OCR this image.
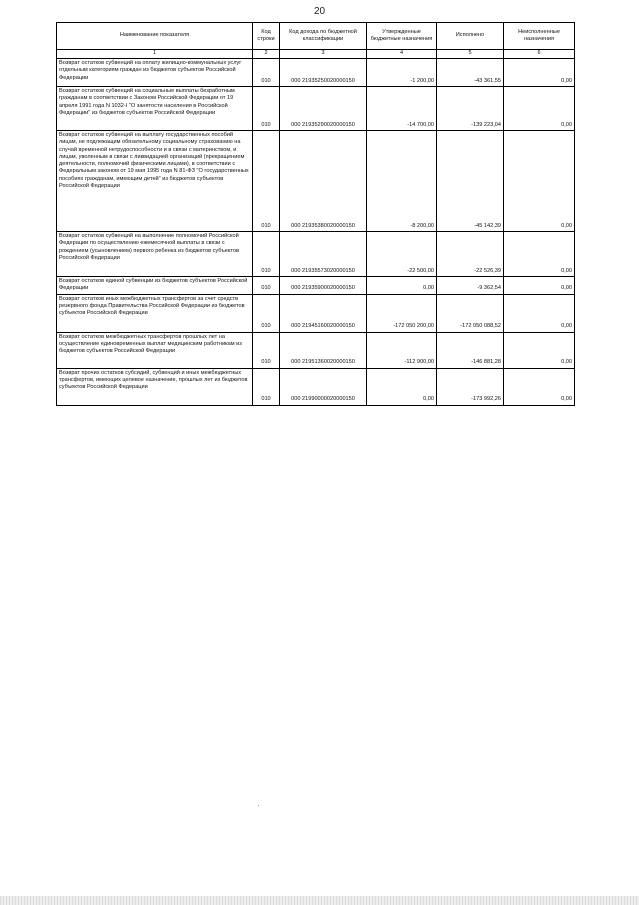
20
Наименование показателя	Код строки	Код дохода по бюджетной классификации	Утвержденные бюджетные назначения	Исполнено	Неисполненные назначения
1	2	3	4	5	6
Возврат остатков субвенций на оплату жилищно-коммунальных услуг отдельным категориям граждан из бюджетов субъектов Российской Федерации	010	000 21935250020000150	-1 200,00	-43 361,55	0,00
Возврат остатков субвенций на социальные выплаты безработным гражданам в соответствии с Законом Российской Федерации от 19 апреля 1991 года N 1032-I "О занятости населения в Российской Федерации" из бюджетов субъектов Российской Федерации	010	000 21935290020000150	-14 700,00	-139 223,04	0,00
Возврат остатков субвенций на выплату государственных пособий лицам, не подлежащим обязательному социальному страхованию на случай временной нетрудоспособности и в связи с материнством, и лицам, уволенным в связи с ликвидацией организаций (прекращением деятельности, полномочий физическими лицами), в соответствии с Федеральным законом от 19 мая 1995 года N 81-ФЗ "О государственных пособиях гражданам, имеющим детей" из бюджетов субъектов Российской Федерации	010	000 21935380020000150	-8 200,00	-45 142,39	0,00
Возврат остатков субвенций на выполнение полномочий Российской Федерации по осуществлению ежемесячной выплаты в связи с рождением (усыновлением) первого ребенка из бюджетов субъектов Российской Федерации	010	000 21935573020000150	-22 500,00	-22 526,39	0,00
Возврат остатков единой субвенции из бюджетов субъектов Российской Федерации	010	000 21935900020000150	0,00	-9 362,54	0,00
Возврат остатков иных межбюджетных трансфертов за счет средств резервного фонда Правительства Российской Федерации из бюджетов субъектов Российской Федерации	010	000 21945160020000150	-172 050 200,00	-172 050 088,52	0,00
Возврат остатков межбюджетных трансфертов прошлых лет на осуществление единовременных выплат медицинским работникам из бюджетов субъектов Российской Федерации	010	000 21951360020000150	-112 900,00	-146 881,28	0,00
Возврат прочих остатков субсидий, субвенций и иных межбюджетных трансфертов, имеющих целевое назначение, прошлых лет из бюджетов субъектов Российской Федерации	010	000 21990000020000150	0,00	-173 992,26	0,00
